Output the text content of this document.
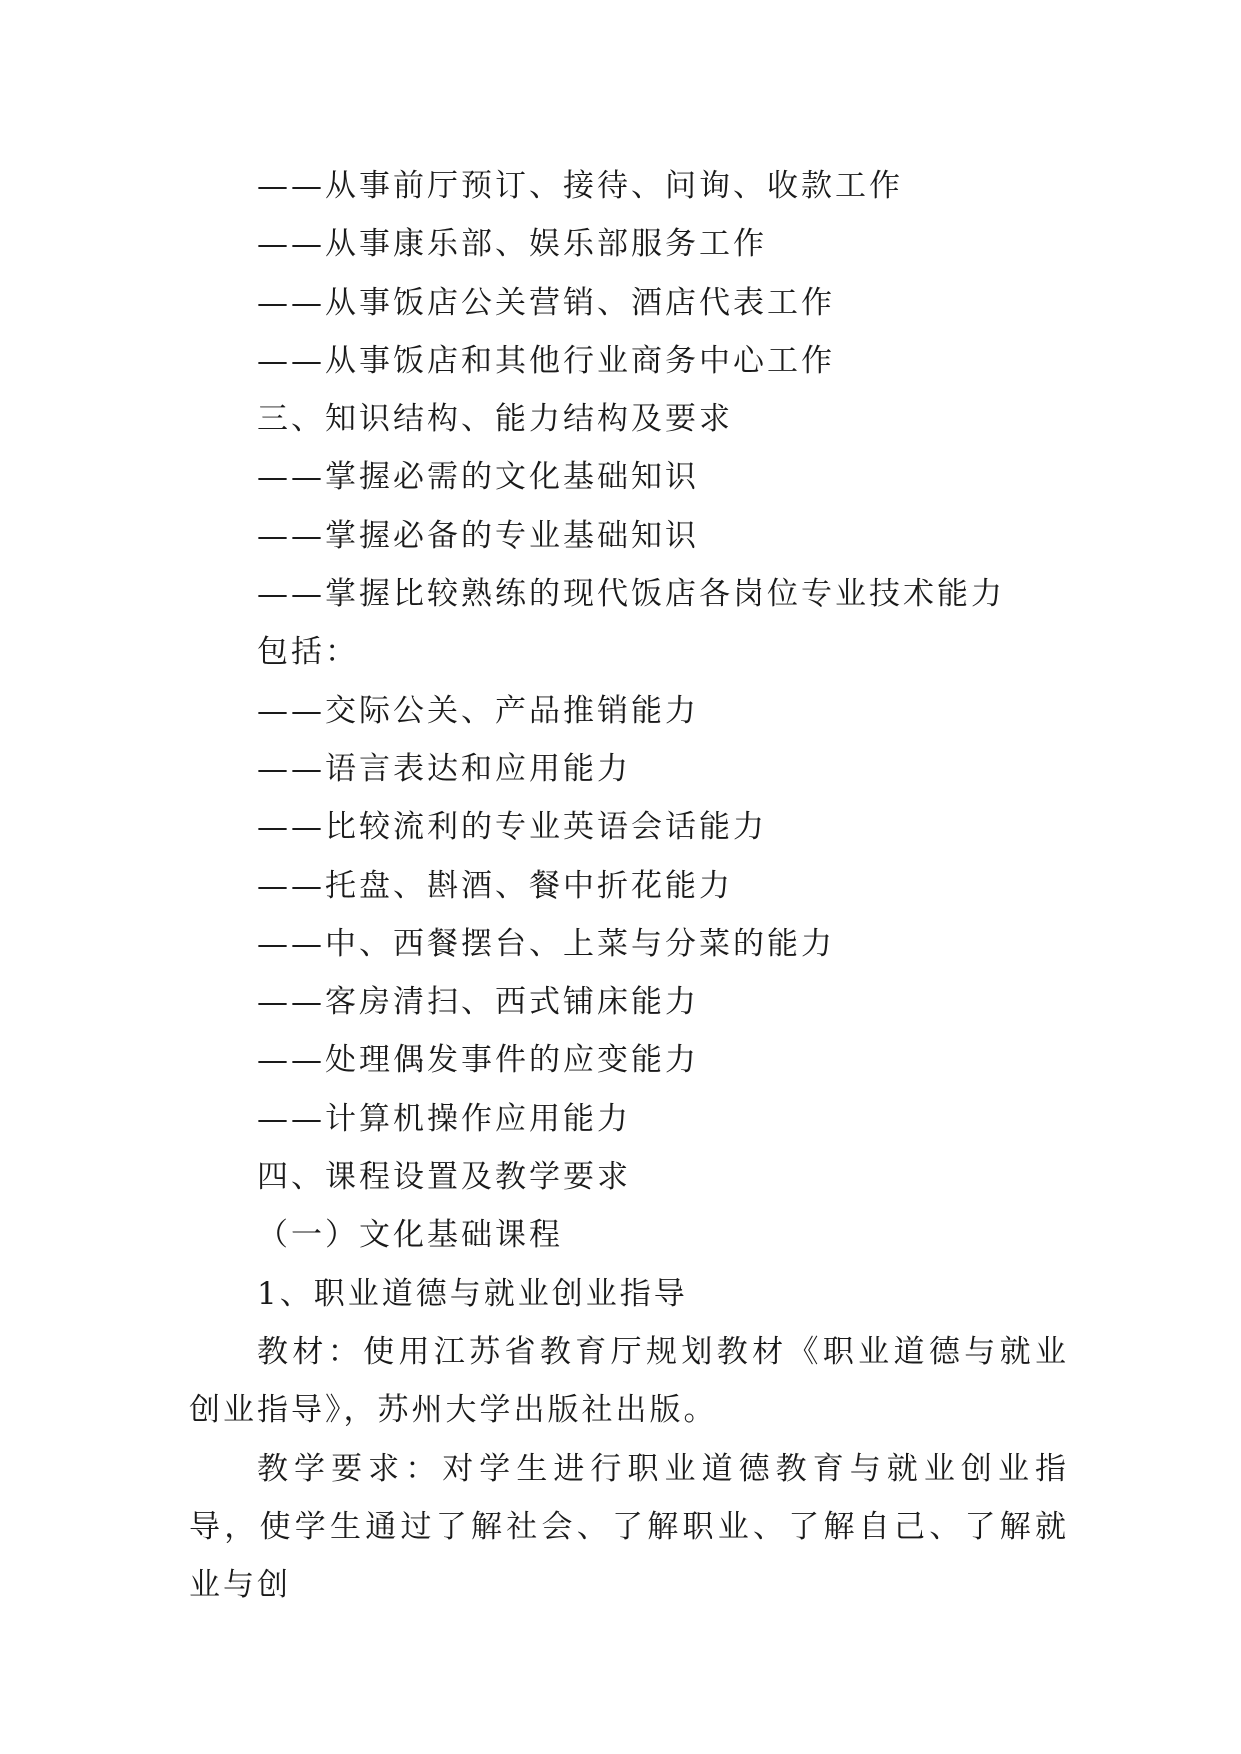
——从事前厅预订、接待、问询、收款工作
——从事康乐部、娱乐部服务工作
——从事饭店公关营销、酒店代表工作
——从事饭店和其他行业商务中心工作
三、知识结构、能力结构及要求
——掌握必需的文化基础知识
——掌握必备的专业基础知识
——掌握比较熟练的现代饭店各岗位专业技术能力
包括：
——交际公关、产品推销能力
——语言表达和应用能力
——比较流利的专业英语会话能力
——托盘、斟酒、餐中折花能力
——中、西餐摆台、上菜与分菜的能力
——客房清扫、西式铺床能力
——处理偶发事件的应变能力
——计算机操作应用能力
四、课程设置及教学要求
（一）文化基础课程
1、职业道德与就业创业指导

教材：使用江苏省教育厅规划教材《职业道德与就业创业指导》，苏州大学出版社出版。

教学要求：对学生进行职业道德教育与就业创业指导，使学生通过了解社会、了解职业、了解自己、了解就业与创
